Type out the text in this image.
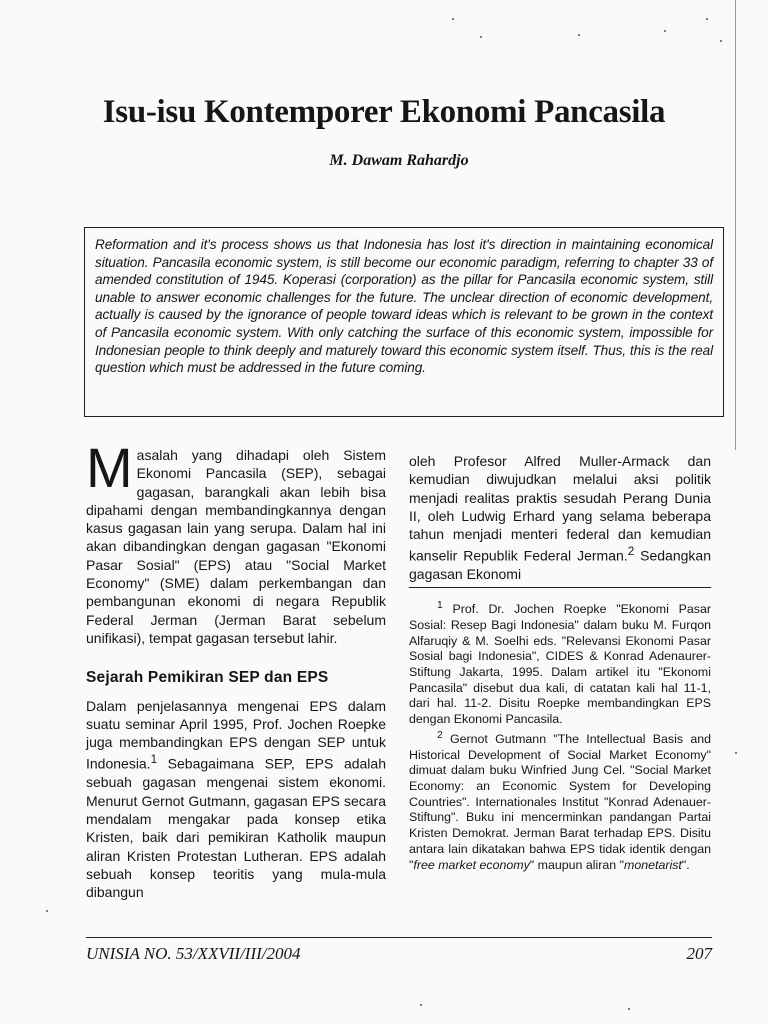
Isu-isu Kontemporer Ekonomi Pancasila
M. Dawam Rahardjo
Reformation and it's process shows us that Indonesia has lost it's direction in maintaining economical situation. Pancasila economic system, is still become our economic paradigm, referring to chapter 33 of amended constitution of 1945. Koperasi (corporation) as the pillar for Pancasila economic system, still unable to answer economic challenges for the future. The unclear direction of economic development, actually is caused by the ignorance of people toward ideas which is relevant to be grown in the context of Pancasila economic system. With only catching the surface of this economic system, impossible for Indonesian people to think deeply and maturely toward this economic system itself. Thus, this is the real question which must be addressed in the future coming.

Masalah yang dihadapi oleh Sistem Ekonomi Pancasila (SEP), sebagai gagasan, barangkali akan lebih bisa dipahami dengan membandingkannya dengan kasus gagasan lain yang serupa. Dalam hal ini akan dibandingkan dengan gagasan "Ekonomi Pasar Sosial" (EPS) atau "Social Market Economy" (SME) dalam perkembangan dan pembangunan ekonomi di negara Republik Federal Jerman (Jerman Barat sebelum unifikasi), tempat gagasan tersebut lahir.

Sejarah Pemikiran SEP dan EPS

Dalam penjelasannya mengenai EPS dalam suatu seminar April 1995, Prof. Jochen Roepke juga membandingkan EPS dengan SEP untuk Indonesia.$^1$ Sebagaimana SEP, EPS adalah sebuah gagasan mengenai sistem ekonomi. Menurut Gernot Gutmann, gagasan EPS secara mendalam mengakar pada konsep etika Kristen, baik dari pemikiran Katholik maupun aliran Kristen Protestan Lutheran. EPS adalah sebuah konsep teoritis yang mula-mula dibangun

oleh Profesor Alfred Muller-Armack dan kemudian diwujudkan melalui aksi politik menjadi realitas praktis sesudah Perang Dunia II, oleh Ludwig Erhard yang selama beberapa tahun menjadi menteri federal dan kemudian kanselir Republik Federal Jerman.$^2$ Sedangkan gagasan Ekonomi

$^1$ Prof. Dr. Jochen Roepke "Ekonomi Pasar Sosial: Resep Bagi Indonesia" dalam buku M. Furqon Alfaruqiy & M. Soelhi eds. "Relevansi Ekonomi Pasar Sosial bagi Indonesia", CIDES & Konrad Adenaurer-Stiftung Jakarta, 1995. Dalam artikel itu "Ekonomi Pancasila" disebut dua kali, di catatan kali hal 11-1, dari hal. 11-2. Disitu Roepke membandingkan EPS dengan Ekonomi Pancasila.

$^2$ Gernot Gutmann "The Intellectual Basis and Historical Development of Social Market Economy" dimuat dalam buku Winfried Jung Cel. "Social Market Economy: an Economic System for Developing Countries". Internationales Institut "Konrad Adenauer-Stiftung". Buku ini mencerminkan pandangan Partai Kristen Demokrat. Jerman Barat terhadap EPS. Disitu antara lain dikatakan bahwa EPS tidak identik dengan "free market economy" maupun aliran "monetarist".

UNISIA NO. 53/XXVII/III/2004	207
